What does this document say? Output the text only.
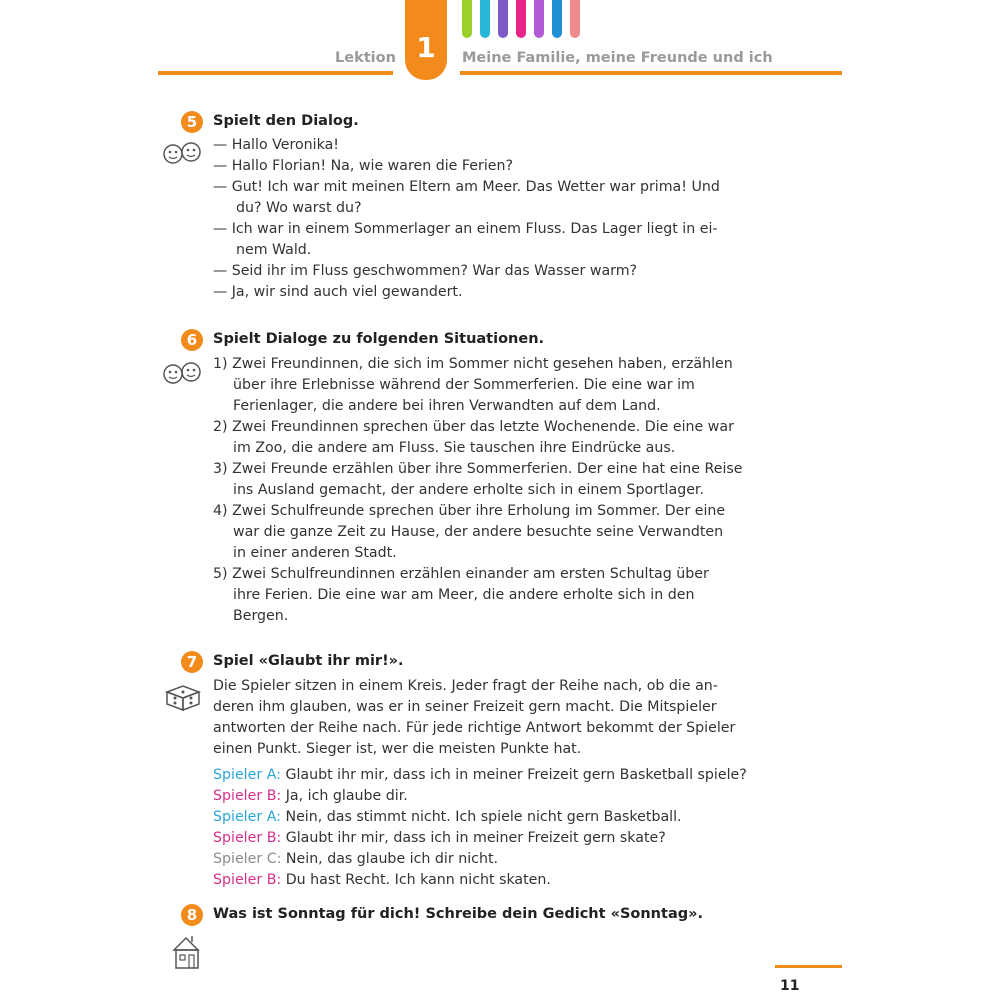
Lektion 1	Meine Familie, meine Freunde und ich
5	Spielt den Dialog.
— Hallo Veronika!
— Hallo Florian! Na, wie waren die Ferien?
— Gut! Ich war mit meinen Eltern am Meer. Das Wetter war prima! Und
du? Wo warst du?
— Ich war in einem Sommerlager an einem Fluss. Das Lager liegt in ei-
nem Wald.
— Seid ihr im Fluss geschwommen? War das Wasser warm?
— Ja, wir sind auch viel gewandert.
6	Spielt Dialoge zu folgenden Situationen.
1) Zwei Freundinnen, die sich im Sommer nicht gesehen haben, erzählen
über ihre Erlebnisse während der Sommerferien. Die eine war im
Ferienlager, die andere bei ihren Verwandten auf dem Land.
2) Zwei Freundinnen sprechen über das letzte Wochenende. Die eine war
im Zoo, die andere am Fluss. Sie tauschen ihre Eindrücke aus.
3) Zwei Freunde erzählen über ihre Sommerferien. Der eine hat eine Reise
ins Ausland gemacht, der andere erholte sich in einem Sportlager.
4) Zwei Schulfreunde sprechen über ihre Erholung im Sommer. Der eine
war die ganze Zeit zu Hause, der andere besuchte seine Verwandten
in einer anderen Stadt.
5) Zwei Schulfreundinnen erzählen einander am ersten Schultag über
ihre Ferien. Die eine war am Meer, die andere erholte sich in den
Bergen.
7	Spiel «Glaubt ihr mir!».
Die Spieler sitzen in einem Kreis. Jeder fragt der Reihe nach, ob die an-
deren ihm glauben, was er in seiner Freizeit gern macht. Die Mitspieler
antworten der Reihe nach. Für jede richtige Antwort bekommt der Spieler
einen Punkt. Sieger ist, wer die meisten Punkte hat.
Spieler A: Glaubt ihr mir, dass ich in meiner Freizeit gern Basketball spiele?
Spieler B: Ja, ich glaube dir.
Spieler A: Nein, das stimmt nicht. Ich spiele nicht gern Basketball.
Spieler B: Glaubt ihr mir, dass ich in meiner Freizeit gern skate?
Spieler C: Nein, das glaube ich dir nicht.
Spieler B: Du hast Recht. Ich kann nicht skaten.
8	Was ist Sonntag für dich! Schreibe dein Gedicht «Sonntag».
11
